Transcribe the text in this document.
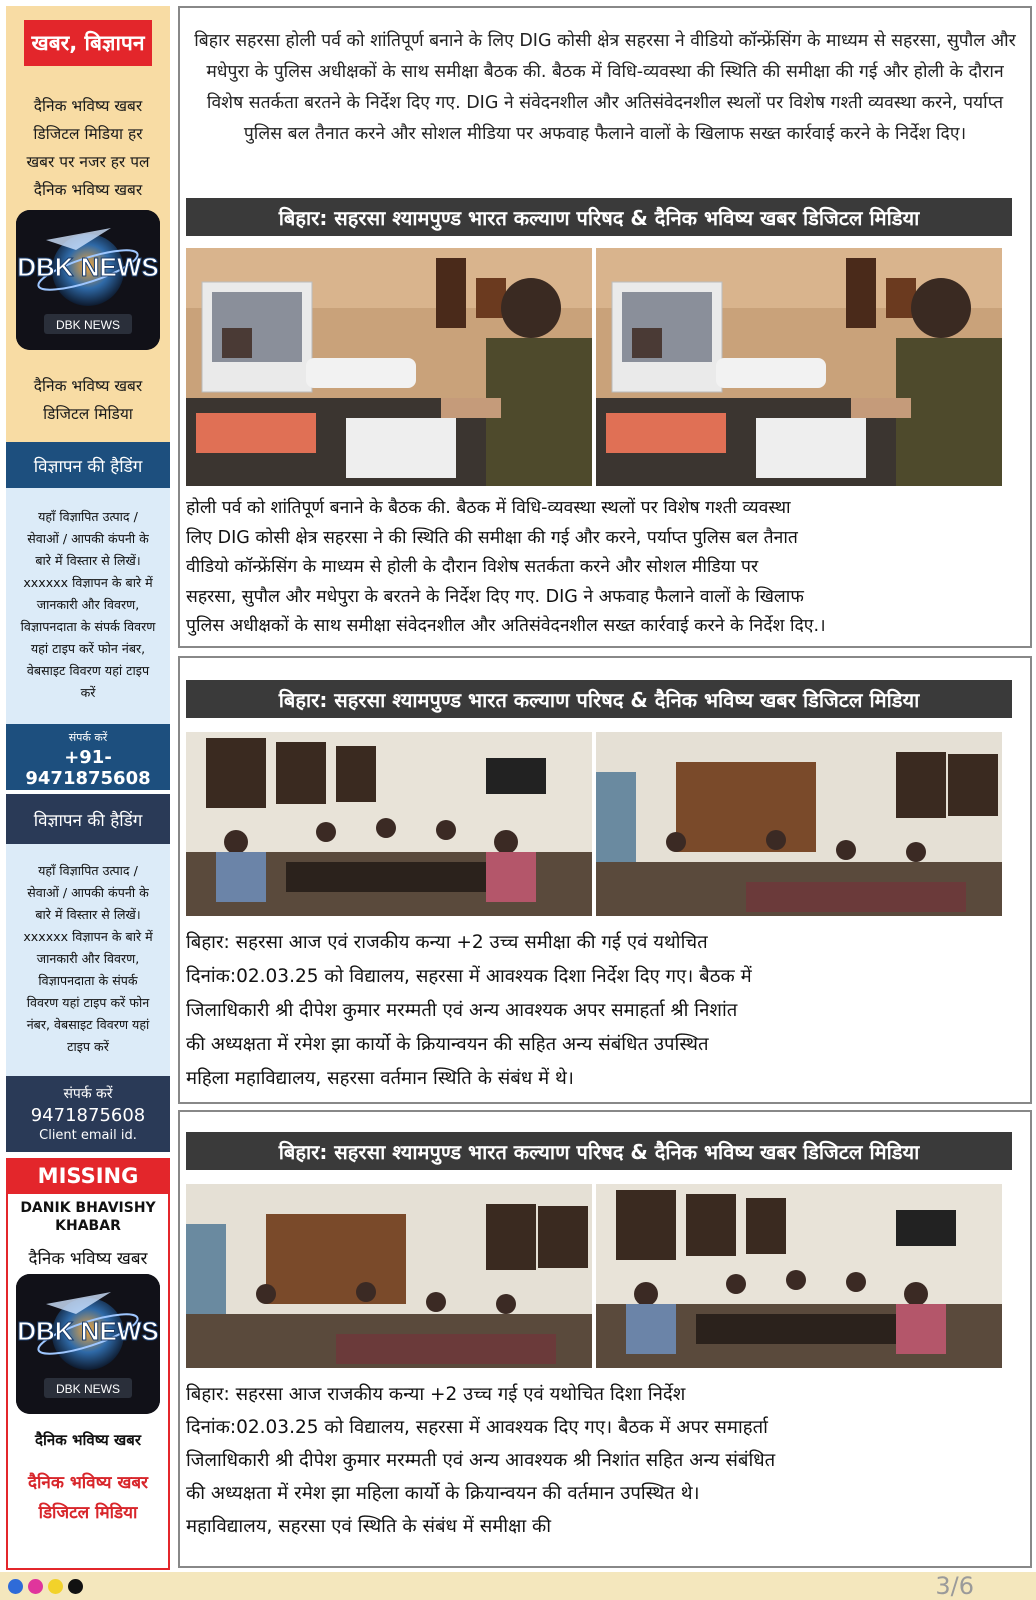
खबर, बिज्ञापन
दैनिक भविष्य खबर
डिजिटल मिडिया हर
खबर पर नजर हर पल
दैनिक भविष्य खबर
DBK NEWS
DBK NEWS
दैनिक भविष्य खबर
डिजिटल मिडिया
विज्ञापन की हैडिंग
यहाँ विज्ञापित उत्पाद /
सेवाओं / आपकी कंपनी के
बारे में विस्तार से लिखें।
xxxxxx विज्ञापन के बारे में
जानकारी और विवरण,
विज्ञापनदाता के संपर्क विवरण
यहां टाइप करें फोन नंबर,
वेबसाइट विवरण यहां टाइप
करें
संपर्क करें
+91-9471875608
विज्ञापन की हैडिंग
यहाँ विज्ञापित उत्पाद /
सेवाओं / आपकी कंपनी के
बारे में विस्तार से लिखें।
xxxxxx विज्ञापन के बारे में
जानकारी और विवरण,
विज्ञापनदाता के संपर्क
विवरण यहां टाइप करें फोन
नंबर, वेबसाइट विवरण यहां
टाइप करें
संपर्क करें
9471875608
Client email id.
MISSING
DANIK BHAVISHY
KHABAR
दैनिक भविष्य खबर
DBK NEWS
DBK NEWS
दैनिक भविष्य खबर
दैनिक भविष्य खबर
डिजिटल मिडिया
बिहार सहरसा होली पर्व को शांतिपूर्ण बनाने के लिए DIG कोसी क्षेत्र सहरसा ने वीडियो कॉन्फ्रेंसिंग के माध्यम से सहरसा, सुपौल और मधेपुरा के पुलिस अधीक्षकों के साथ समीक्षा बैठक की. बैठक में विधि-व्यवस्था की स्थिति की समीक्षा की गई और होली के दौरान विशेष सतर्कता बरतने के निर्देश दिए गए. DIG ने संवेदनशील और अतिसंवेदनशील स्थलों पर विशेष गश्ती व्यवस्था करने, पर्याप्त पुलिस बल तैनात करने और सोशल मीडिया पर अफवाह फैलाने वालों के खिलाफ सख्त कार्रवाई करने के निर्देश दिए।
बिहार: सहरसा श्यामपुण्ड भारत कल्याण परिषद & दैनिक भविष्य खबर डिजिटल मिडिया
होली पर्व को शांतिपूर्ण बनाने के बैठक की. बैठक में विधि-व्यवस्था स्थलों पर विशेष गश्ती व्यवस्था
लिए DIG कोसी क्षेत्र सहरसा ने की स्थिति की समीक्षा की गई और करने, पर्याप्त पुलिस बल तैनात
वीडियो कॉन्फ्रेंसिंग के माध्यम से होली के दौरान विशेष सतर्कता करने और सोशल मीडिया पर
सहरसा, सुपौल और मधेपुरा के बरतने के निर्देश दिए गए. DIG ने अफवाह फैलाने वालों के खिलाफ
पुलिस अधीक्षकों के साथ समीक्षा संवेदनशील और अतिसंवेदनशील सख्त कार्रवाई करने के निर्देश दिए.।
बिहार: सहरसा श्यामपुण्ड भारत कल्याण परिषद & दैनिक भविष्य खबर डिजिटल मिडिया
बिहार: सहरसा आज एवं राजकीय कन्या +2 उच्च समीक्षा की गई एवं यथोचित
दिनांक:02.03.25 को विद्यालय, सहरसा में आवश्यक दिशा निर्देश दिए गए। बैठक में
जिलाधिकारी श्री दीपेश कुमार मरम्मती एवं अन्य आवश्यक अपर समाहर्ता श्री निशांत
की अध्यक्षता में रमेश झा कार्यो के क्रियान्वयन की सहित अन्य संबंधित उपस्थित
महिला महाविद्यालय, सहरसा वर्तमान स्थिति के संबंध में थे।
बिहार: सहरसा श्यामपुण्ड भारत कल्याण परिषद & दैनिक भविष्य खबर डिजिटल मिडिया
बिहार: सहरसा आज राजकीय कन्या +2 उच्च गई एवं यथोचित दिशा निर्देश
दिनांक:02.03.25 को विद्यालय, सहरसा में आवश्यक दिए गए। बैठक में अपर समाहर्ता
जिलाधिकारी श्री दीपेश कुमार मरम्मती एवं अन्य आवश्यक श्री निशांत सहित अन्य संबंधित
की अध्यक्षता में रमेश झा महिला कार्यो के क्रियान्वयन की वर्तमान उपस्थित थे।
महाविद्यालय, सहरसा एवं स्थिति के संबंध में समीक्षा की
3/6
